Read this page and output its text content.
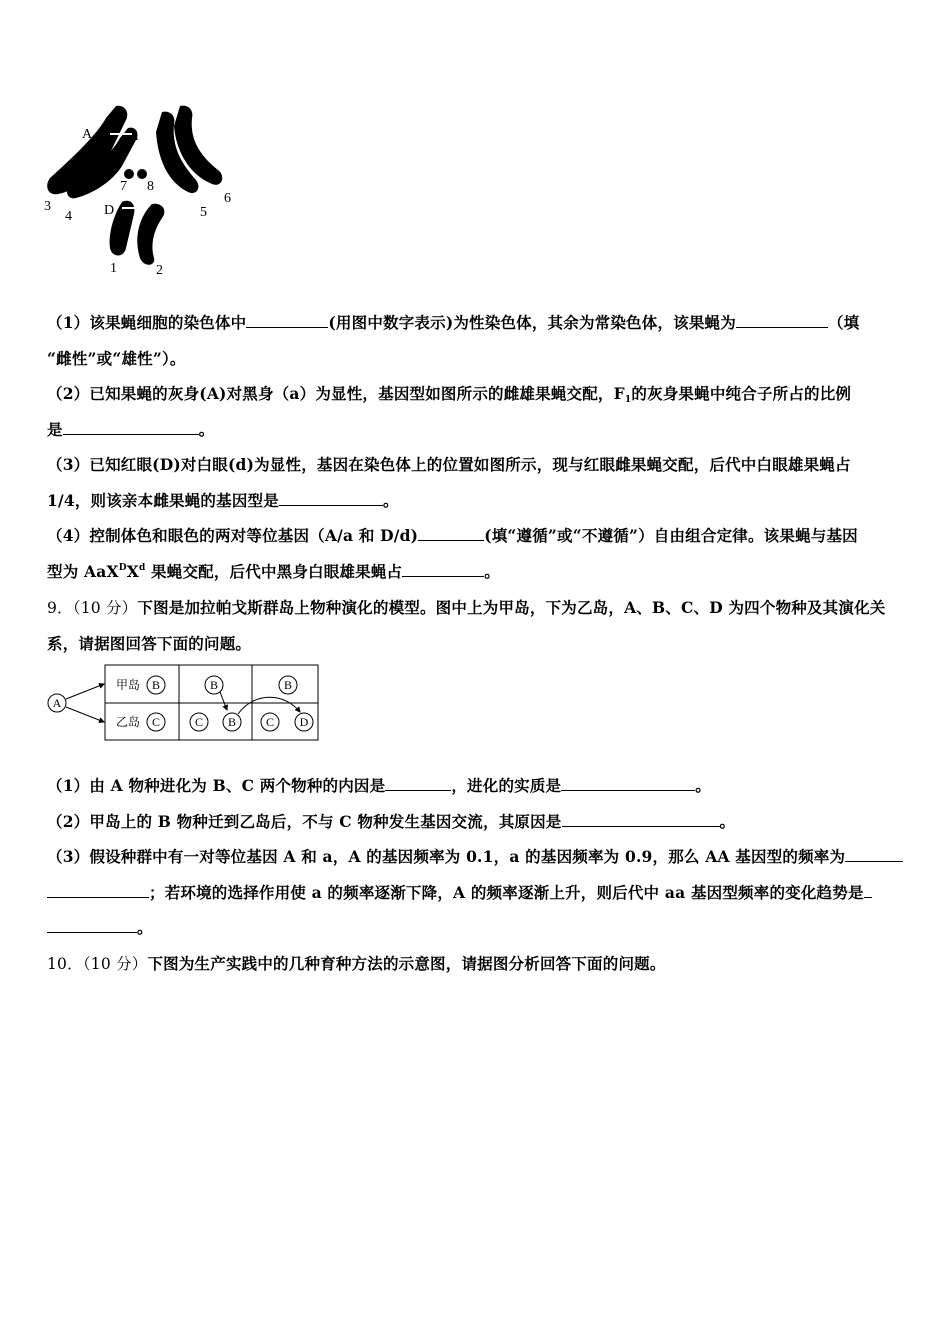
A	a
D
1	2
3
4	5
6
7 8
（1）该果蝇细胞的染色体中	(用图中数字表示)为性染色体，其余为常染色体，该果蝇为	（填
“雌性”或“雄性”）。
（2）已知果蝇的灰身(A)对黑身（a）为显性，基因型如图所示的雌雄果蝇交配，$F_1$的灰身果蝇中纯合子所占的比例
是	。
（3）已知红眼(D)对白眼(d)为显性，基因在染色体上的位置如图所示，现与红眼雌果蝇交配，后代中白眼雄果蝇占
1/4，则该亲本雌果蝇的基因型是	。
（4）控制体色和眼色的两对等位基因（A/a 和 D/d)	(填“遵循”或“不遵循”）自由组合定律。该果蝇与基因
型为 $AaX^DX^d$ 果蝇交配，后代中黑身白眼雄果蝇占	。
9．（10 分）下图是加拉帕戈斯群岛上物种演化的模型。图中上为甲岛，下为乙岛，A、B、C、D 为四个物种及其演化关
系，请据图回答下面的问题。
A
甲岛
乙岛
B
C
B
C B
B
C D
（1）由 A 物种进化为 B、C 两个物种的内因是	，进化的实质是	。
（2）甲岛上的 B 物种迁到乙岛后，不与 C 物种发生基因交流，其原因是	。
（3）假设种群中有一对等位基因 A 和 a，A 的基因频率为 0.1，a 的基因频率为 0.9，那么 AA 基因型的频率为
；若环境的选择作用使 a 的频率逐渐下降，A 的频率逐渐上升，则后代中 aa 基因型频率的变化趋势是
。
10．（10 分）下图为生产实践中的几种育种方法的示意图，请据图分析回答下面的问题。
